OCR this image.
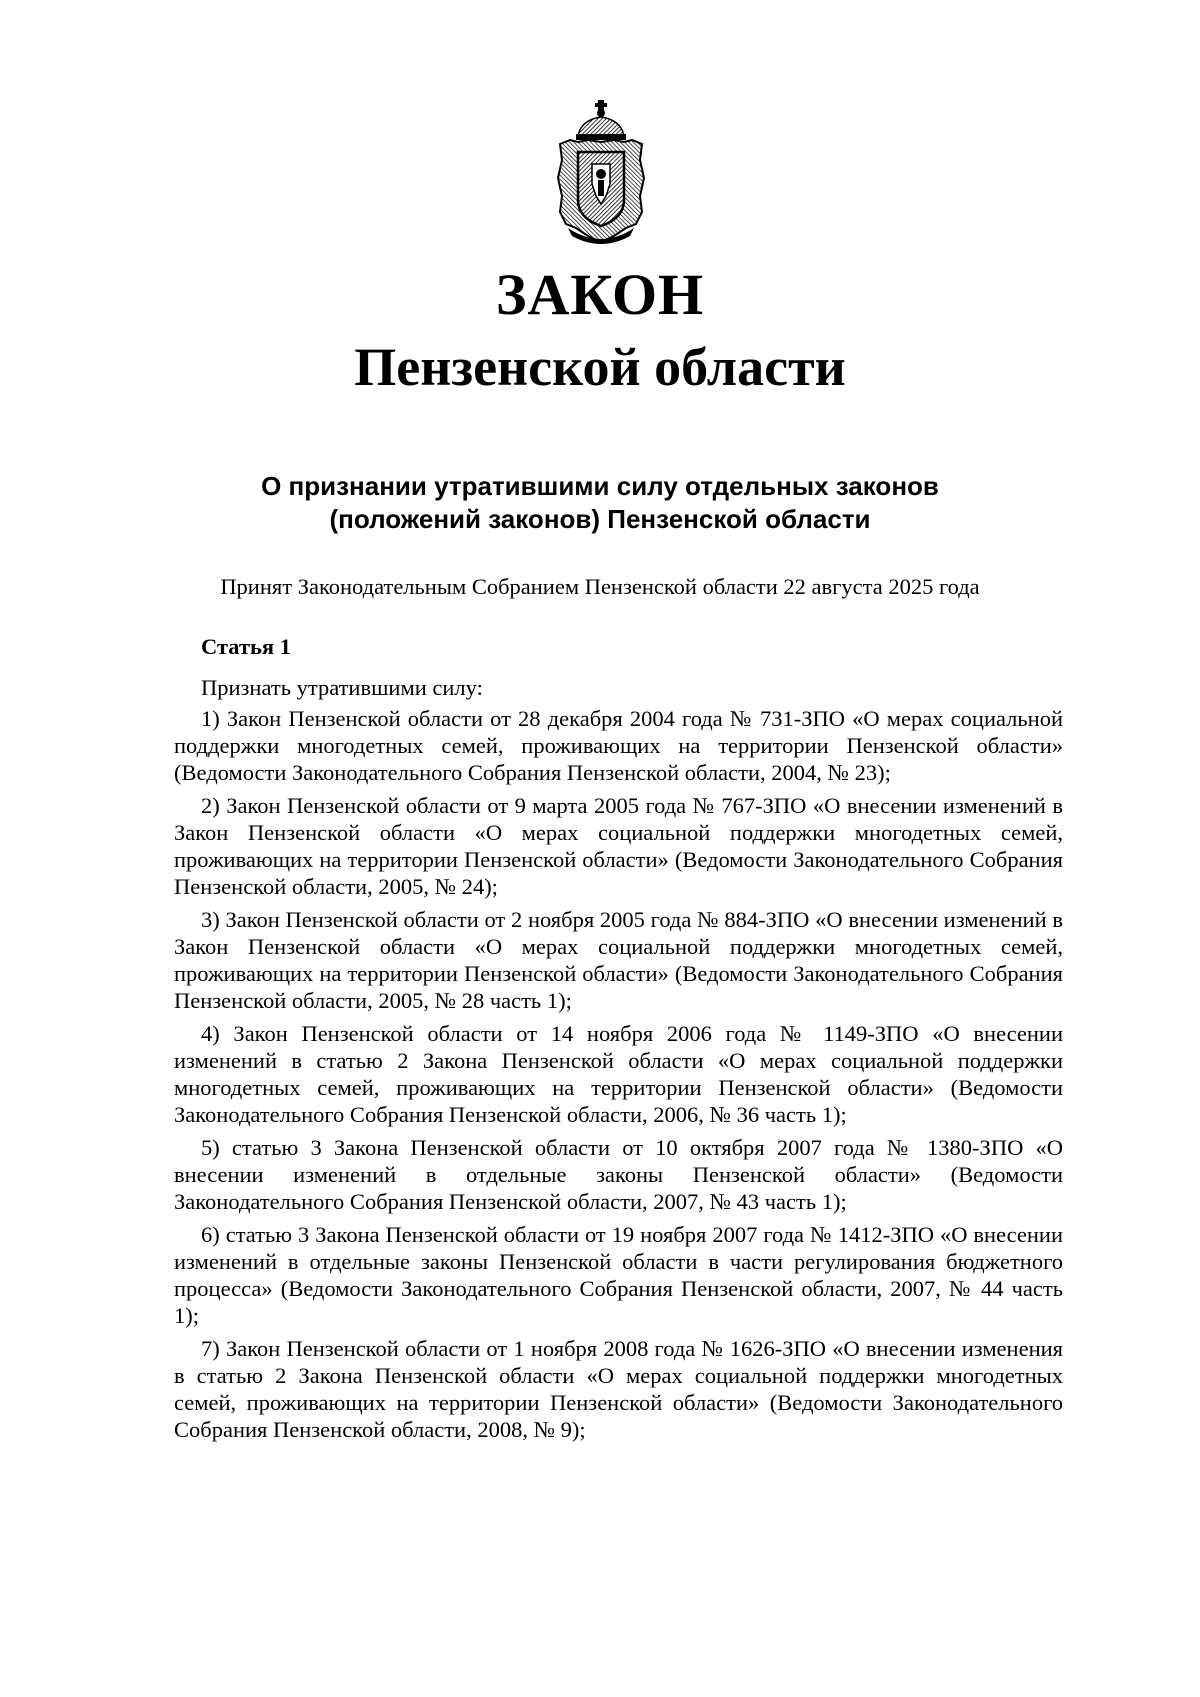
ЗАКОН
Пензенской области
О признании утратившими силу отдельных законов
(положений законов) Пензенской области
Принят Законодательным Собранием Пензенской области 22 августа 2025 года
Статья 1

Признать утратившими силу:

1) Закон Пензенской области от 28 декабря 2004 года № 731-ЗПО «О мерах социальной поддержки многодетных семей, проживающих на территории Пензенской области» (Ведомости Законодательного Собрания Пензенской области, 2004, № 23);

2) Закон Пензенской области от 9 марта 2005 года № 767-ЗПО «О внесении изменений в Закон Пензенской области «О мерах социальной поддержки многодетных семей, проживающих на территории Пензенской области» (Ведомости Законодательного Собрания Пензенской области, 2005, № 24);

3) Закон Пензенской области от 2 ноября 2005 года № 884-ЗПО «О внесении изменений в Закон Пензенской области «О мерах социальной поддержки многодетных семей, проживающих на территории Пензенской области» (Ведомости Законодательного Собрания Пензенской области, 2005, № 28 часть 1);

4) Закон Пензенской области от 14 ноября 2006 года № 1149-ЗПО «О внесении изменений в статью 2 Закона Пензенской области «О мерах социальной поддержки многодетных семей, проживающих на территории Пензенской области» (Ведомости Законодательного Собрания Пензенской области, 2006, № 36 часть 1);

5) статью 3 Закона Пензенской области от 10 октября 2007 года № 1380-ЗПО «О внесении изменений в отдельные законы Пензенской области» (Ведомости Законодательного Собрания Пензенской области, 2007, № 43 часть 1);

6) статью 3 Закона Пензенской области от 19 ноября 2007 года № 1412-ЗПО «О внесении изменений в отдельные законы Пензенской области в части регулирования бюджетного процесса» (Ведомости Законодательного Собрания Пензенской области, 2007, № 44 часть 1);

7) Закон Пензенской области от 1 ноября 2008 года № 1626-ЗПО «О внесении изменения в статью 2 Закона Пензенской области «О мерах социальной поддержки многодетных семей, проживающих на территории Пензенской области» (Ведомости Законодательного Собрания Пензенской области, 2008, № 9);
